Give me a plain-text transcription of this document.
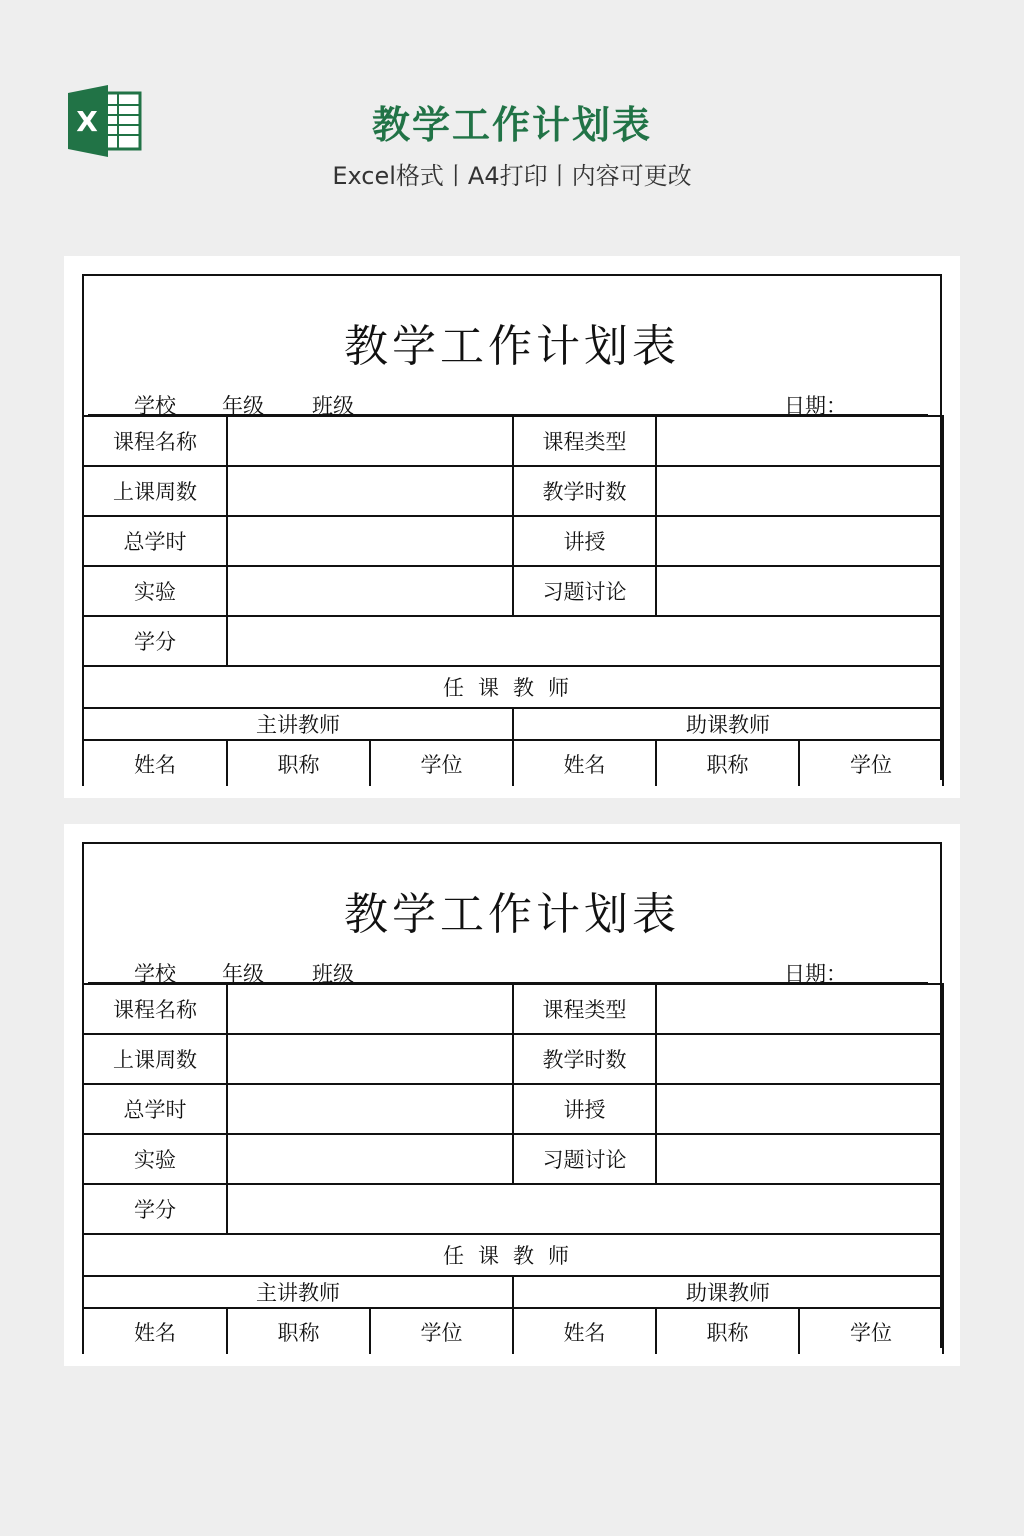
X	教学工作计划表
Excel格式丨A4打印丨内容可更改
教学工作计划表
学校 年级 班级	日期：
课程名称			课程类型		
上课周数			教学时数		
总学时			讲授		
实验			习题讨论		
学分					
任课教师					
主讲教师			助课教师		
姓名	职称	学位	姓名	职称	学位
教学工作计划表
学校 年级 班级	日期：
课程名称			课程类型		
上课周数			教学时数		
总学时			讲授		
实验			习题讨论		
学分					
任课教师					
主讲教师			助课教师		
姓名	职称	学位	姓名	职称	学位
